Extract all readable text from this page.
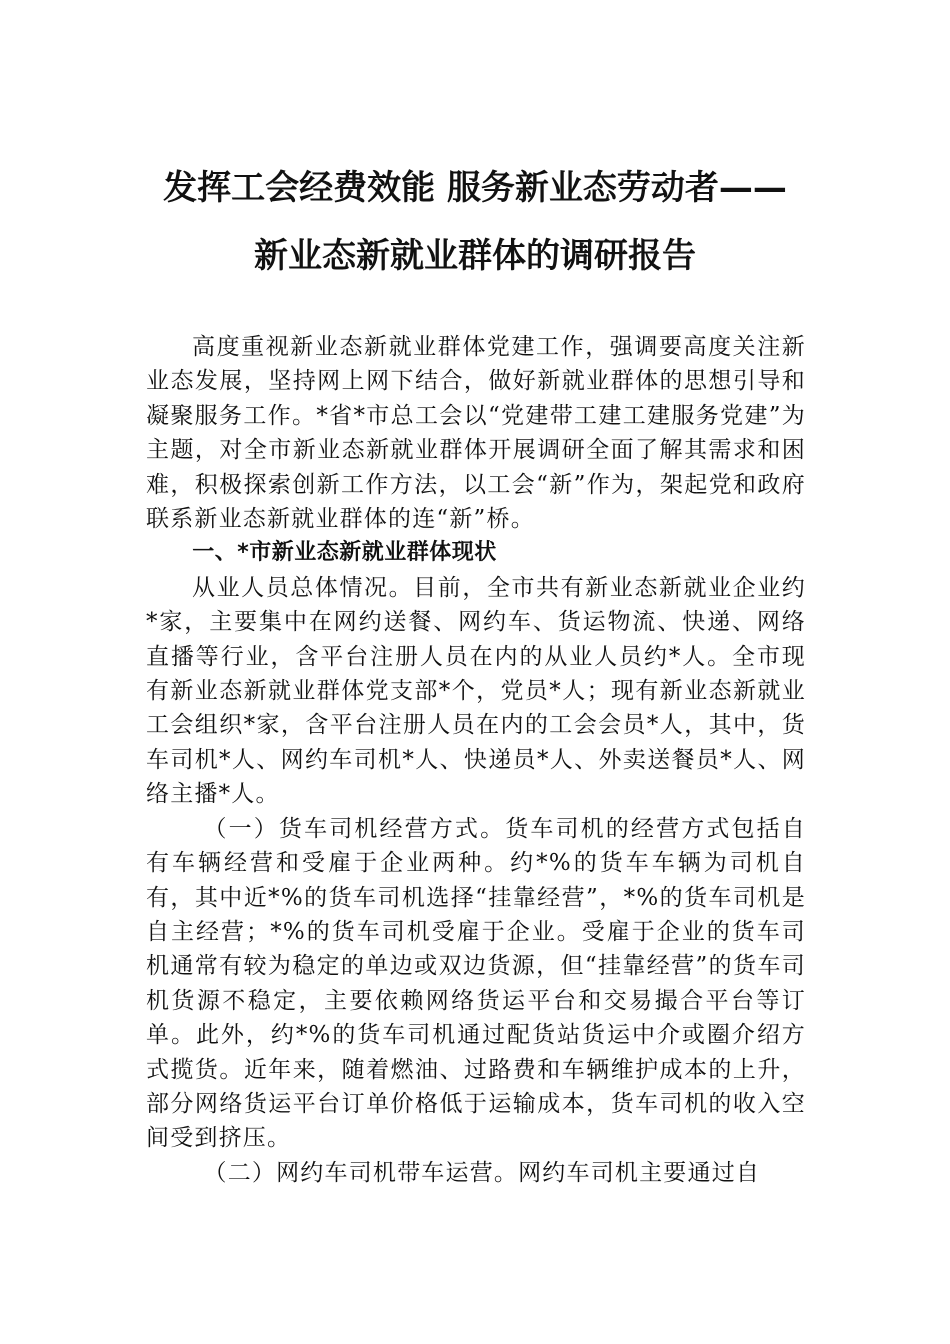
发挥工会经费效能 服务新业态劳动者——
新业态新就业群体的调研报告

高度重视新业态新就业群体党建工作，强调要高度关注新业态发展，坚持网上网下结合，做好新就业群体的思想引导和凝聚服务工作。*省*市总工会以“党建带工建工建服务党建”为主题，对全市新业态新就业群体开展调研全面了解其需求和困难，积极探索创新工作方法，以工会“新”作为，架起党和政府联系新业态新就业群体的连“新”桥。

一、*市新业态新就业群体现状

从业人员总体情况。目前，全市共有新业态新就业企业约*家，主要集中在网约送餐、网约车、货运物流、快递、网络直播等行业，含平台注册人员在内的从业人员约*人。全市现有新业态新就业群体党支部*个，党员*人；现有新业态新就业工会组织*家，含平台注册人员在内的工会会员*人，其中，货车司机*人、网约车司机*人、快递员*人、外卖送餐员*人、网络主播*人。

（一）货车司机经营方式。货车司机的经营方式包括自有车辆经营和受雇于企业两种。约*%的货车车辆为司机自有，其中近*%的货车司机选择“挂靠经营”，*%的货车司机是自主经营；*%的货车司机受雇于企业。受雇于企业的货车司机通常有较为稳定的单边或双边货源，但“挂靠经营”的货车司机货源不稳定，主要依赖网络货运平台和交易撮合平台等订单。此外，约*%的货车司机通过配货站货运中介或圈介绍方式揽货。近年来，随着燃油、过路费和车辆维护成本的上升，部分网络货运平台订单价格低于运输成本，货车司机的收入空间受到挤压。

（二）网约车司机带车运营。网约车司机主要通过自
